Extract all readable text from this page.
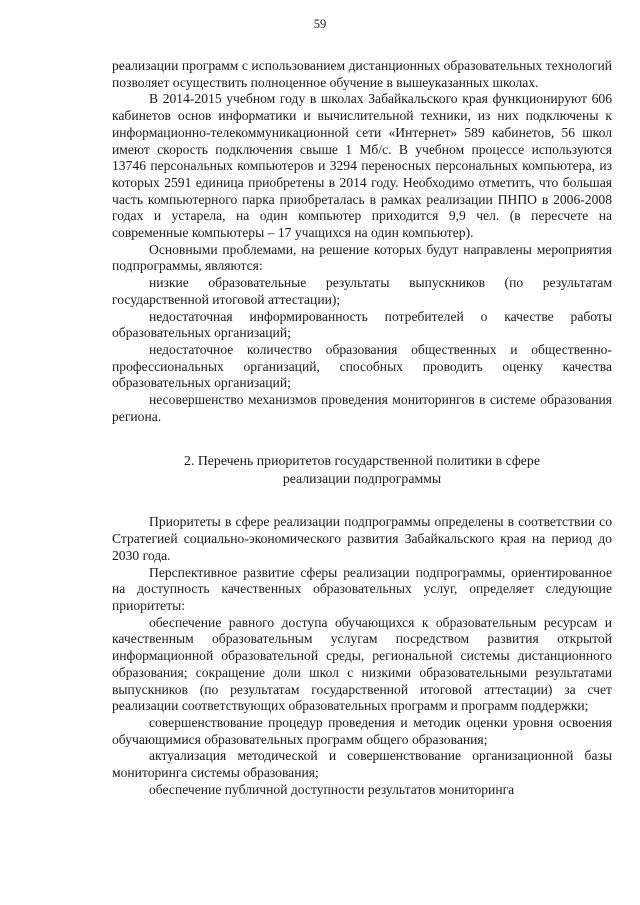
59

реализации программ с использованием дистанционных образовательных технологий позволяет осуществить полноценное обучение в вышеуказанных школах.

В 2014-2015 учебном году в школах Забайкальского края функционируют 606 кабинетов основ информатики и вычислительной техники, из них подключены к информационно-телекоммуникационной сети «Интернет» 589 кабинетов, 56 школ имеют скорость подключения свыше 1 Мб/с. В учебном процессе используются 13746 персональных компьютеров и 3294 переносных персональных компьютера, из которых 2591 единица приобретены в 2014 году. Необходимо отметить, что большая часть компьютерного парка приобреталась в рамках реализации ПНПО в 2006-2008 годах и устарела, на один компьютер приходится 9,9 чел. (в пересчете на современные компьютеры – 17 учащихся на один компьютер).

Основными проблемами, на решение которых будут направлены мероприятия подпрограммы, являются:

низкие образовательные результаты выпускников (по результатам государственной итоговой аттестации);

недостаточная информированность потребителей о качестве работы образовательных организаций;

недостаточное количество образования общественных и общественно-профессиональных организаций, способных проводить оценку качества образовательных организаций;

несовершенство механизмов проведения мониторингов в системе образования региона.

2. Перечень приоритетов государственной политики в сфере
реализации подпрограммы

Приоритеты в сфере реализации подпрограммы определены в соответствии со Стратегией социально-экономического развития Забайкальского края на период до 2030 года.

Перспективное развитие сферы реализации подпрограммы, ориентированное на доступность качественных образовательных услуг, определяет следующие приоритеты:

обеспечение равного доступа обучающихся к образовательным ресурсам и качественным образовательным услугам посредством развития открытой информационной образовательной среды, региональной системы дистанционного образования; сокращение доли школ с низкими образовательными результатами выпускников (по результатам государственной итоговой аттестации) за счет реализации соответствующих образовательных программ и программ поддержки;

совершенствование процедур проведения и методик оценки уровня освоения обучающимися образовательных программ общего образования;

актуализация методической и совершенствование организационной базы мониторинга системы образования;

обеспечение публичной доступности результатов мониторинга
